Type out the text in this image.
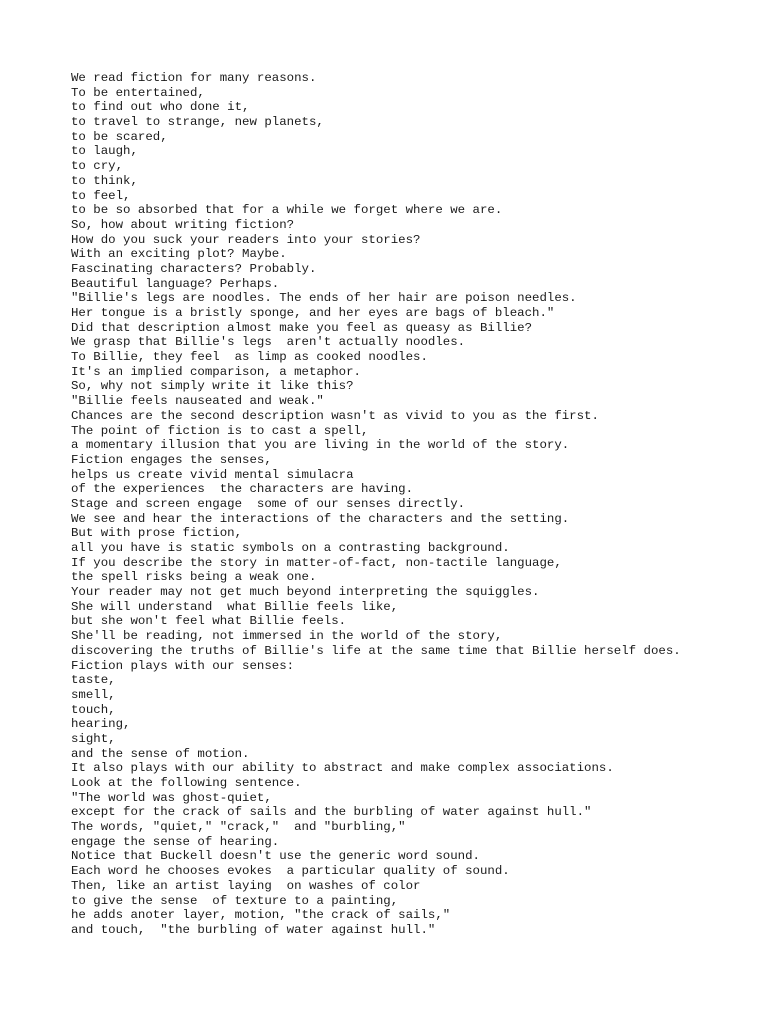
We read fiction for many reasons.
To be entertained,
to find out who done it,
to travel to strange, new planets,
to be scared,
to laugh,
to cry,
to think,
to feel,
to be so absorbed that for a while we forget where we are.
So, how about writing fiction?
How do you suck your readers into your stories?
With an exciting plot? Maybe.
Fascinating characters? Probably.
Beautiful language? Perhaps.
"Billie's legs are noodles. The ends of her hair are poison needles.
Her tongue is a bristly sponge, and her eyes are bags of bleach."
Did that description almost make you feel as queasy as Billie?
We grasp that Billie's legs  aren't actually noodles.
To Billie, they feel  as limp as cooked noodles.
It's an implied comparison, a metaphor.
So, why not simply write it like this?
"Billie feels nauseated and weak."
Chances are the second description wasn't as vivid to you as the first.
The point of fiction is to cast a spell,
a momentary illusion that you are living in the world of the story.
Fiction engages the senses,
helps us create vivid mental simulacra
of the experiences  the characters are having.
Stage and screen engage  some of our senses directly.
We see and hear the interactions of the characters and the setting.
But with prose fiction,
all you have is static symbols on a contrasting background.
If you describe the story in matter-of-fact, non-tactile language,
the spell risks being a weak one.
Your reader may not get much beyond interpreting the squiggles.
She will understand  what Billie feels like,
but she won't feel what Billie feels.
She'll be reading, not immersed in the world of the story,
discovering the truths of Billie's life at the same time that Billie herself does.
Fiction plays with our senses:
taste,
smell,
touch,
hearing,
sight,
and the sense of motion.
It also plays with our ability to abstract and make complex associations.
Look at the following sentence.
"The world was ghost-quiet,
except for the crack of sails and the burbling of water against hull."
The words, "quiet," "crack,"  and "burbling,"
engage the sense of hearing.
Notice that Buckell doesn't use the generic word sound.
Each word he chooses evokes  a particular quality of sound.
Then, like an artist laying  on washes of color
to give the sense  of texture to a painting,
he adds anoter layer, motion, "the crack of sails,"
and touch,  "the burbling of water against hull."
